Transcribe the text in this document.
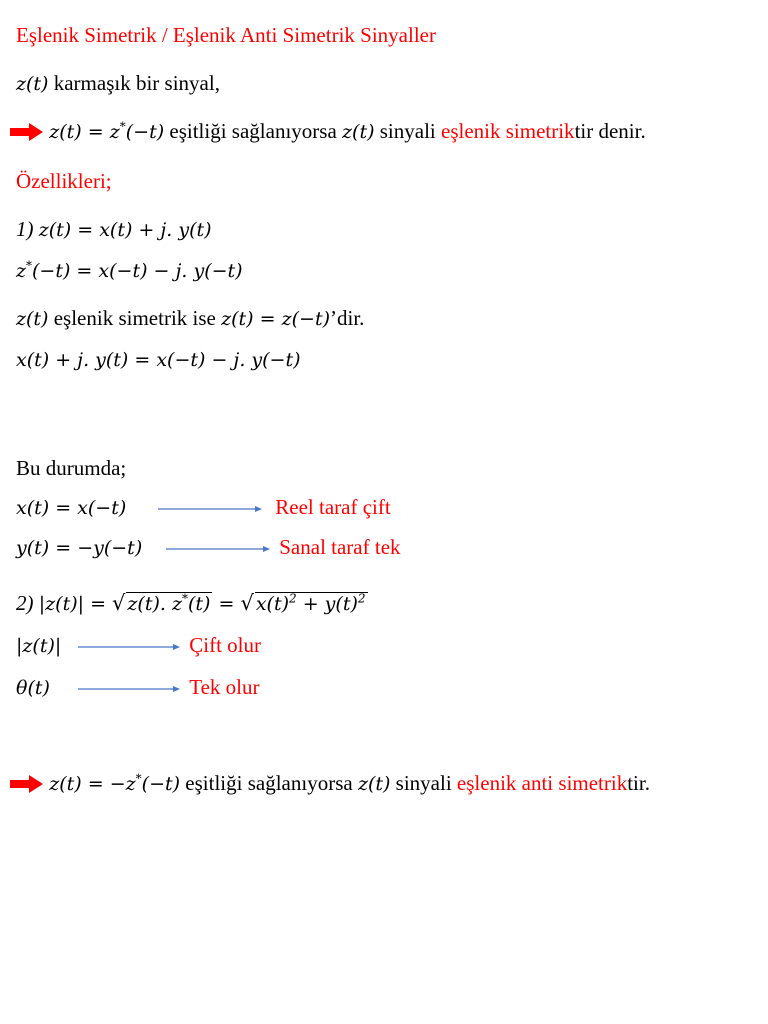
Eşlenik Simetrik / Eşlenik Anti Simetrik Sinyaller
z(t) karmaşık bir sinyal,
z(t) = z*(−t) eşitliği sağlanıyorsa z(t) sinyali eşlenik simetriktir denir.
Özellikleri;
1) z(t) = x(t) + j. y(t)
z*(−t) = x(−t) − j. y(−t)
z(t) eşlenik simetrik ise z(t) = z(−t)’dir.
x(t) + j. y(t) = x(−t) − j. y(−t)
Bu durumda;
x(t) = x(−t)	Reel taraf çift
y(t) = −y(−t)	Sanal taraf tek
2) |z(t)| = √ z(t). z*(t) = √ $x(t)^2 + y(t)^2$
|z(t)|	Çift olur
θ(t)	Tek olur
z(t) = −z*(−t) eşitliği sağlanıyorsa z(t) sinyali eşlenik anti simetriktir.
